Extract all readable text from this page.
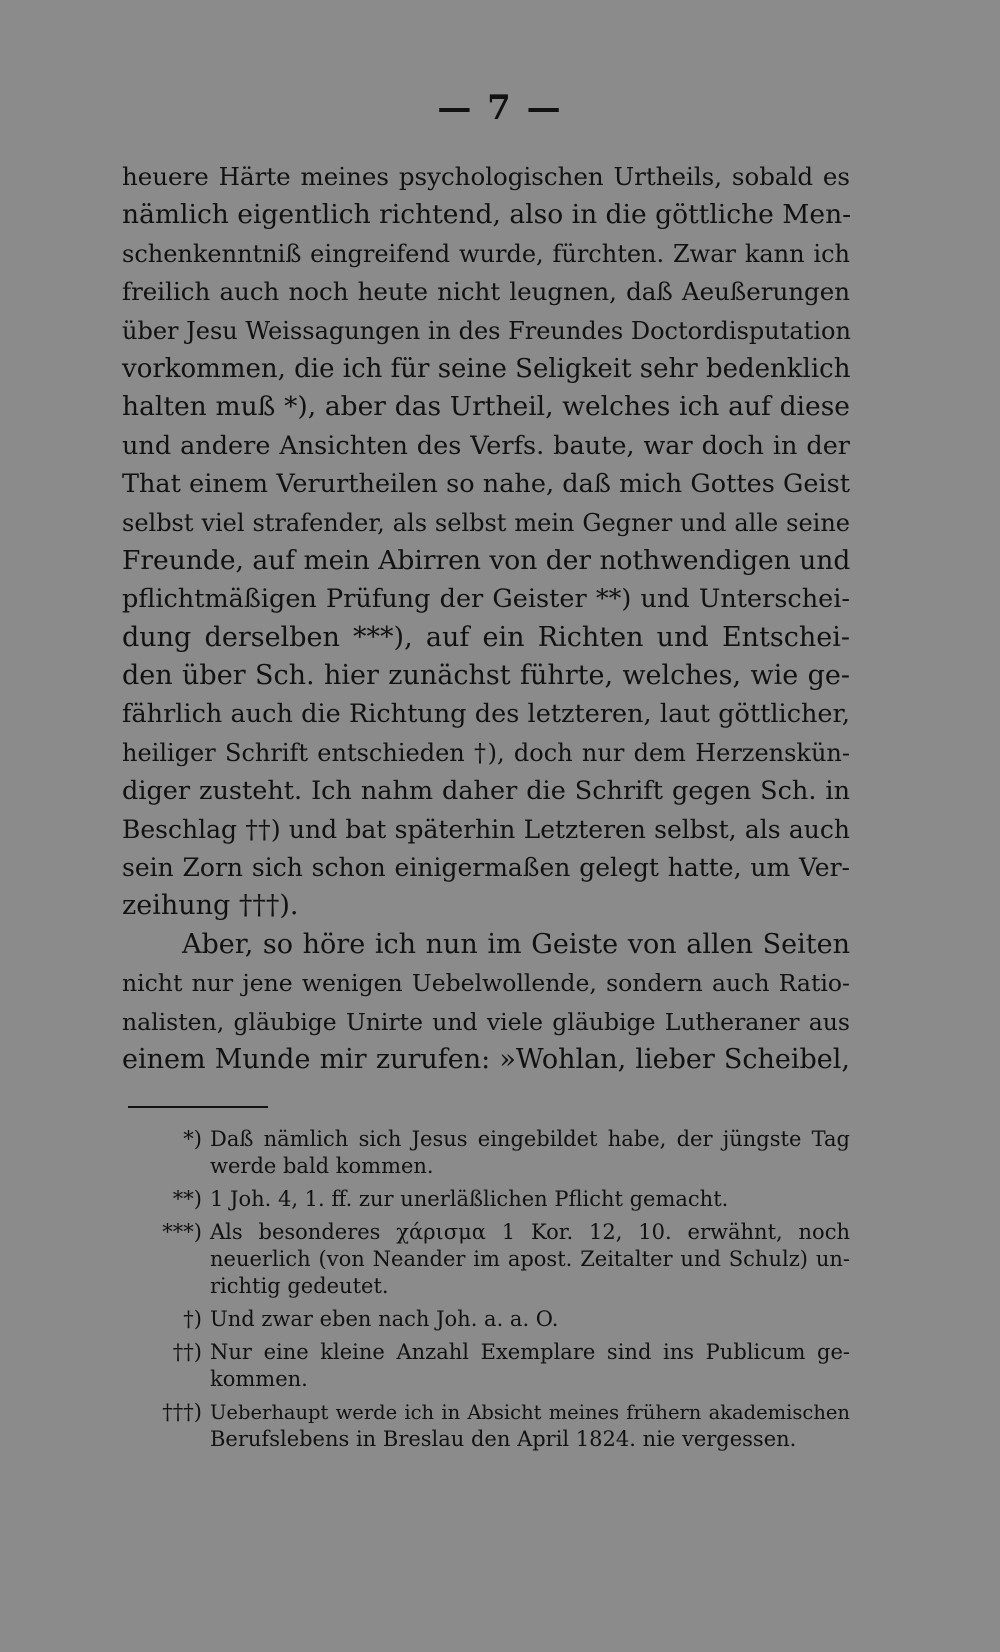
— 7 —
heuere Härte meines psychologischen Urtheils, sobald es
nämlich eigentlich richtend, also in die göttliche Men-
schenkenntniß eingreifend wurde, fürchten. Zwar kann ich
freilich auch noch heute nicht leugnen, daß Aeußerungen
über Jesu Weissagungen in des Freundes Doctordisputation
vorkommen, die ich für seine Seligkeit sehr bedenklich
halten muß *), aber das Urtheil, welches ich auf diese
und andere Ansichten des Verfs. baute, war doch in der
That einem Verurtheilen so nahe, daß mich Gottes Geist
selbst viel strafender, als selbst mein Gegner und alle seine
Freunde, auf mein Abirren von der nothwendigen und
pflichtmäßigen Prüfung der Geister **) und Unterschei-
dung derselben ***), auf ein Richten und Entschei-
den über Sch. hier zunächst führte, welches, wie ge-
fährlich auch die Richtung des letzteren, laut göttlicher,
heiliger Schrift entschieden †), doch nur dem Herzenskün-
diger zusteht. Ich nahm daher die Schrift gegen Sch. in
Beschlag ††) und bat späterhin Letzteren selbst, als auch
sein Zorn sich schon einigermaßen gelegt hatte, um Ver-
zeihung †††).
Aber, so höre ich nun im Geiste von allen Seiten
nicht nur jene wenigen Uebelwollende, sondern auch Ratio-
nalisten, gläubige Unirte und viele gläubige Lutheraner aus
einem Munde mir zurufen: »Wohlan, lieber Scheibel,
*) Daß nämlich sich Jesus eingebildet habe, der jüngste Tag
werde bald kommen.
**) 1 Joh. 4, 1. ff. zur unerläßlichen Pflicht gemacht.
***) Als besonderes χάρισμα 1 Kor. 12, 10. erwähnt, noch
neuerlich (von Neander im apost. Zeitalter und Schulz) un-
richtig gedeutet.
†) Und zwar eben nach Joh. a. a. O.
††) Nur eine kleine Anzahl Exemplare sind ins Publicum ge-
kommen.
†††) Ueberhaupt werde ich in Absicht meines frühern akademischen
Berufslebens in Breslau den April 1824. nie vergessen.
